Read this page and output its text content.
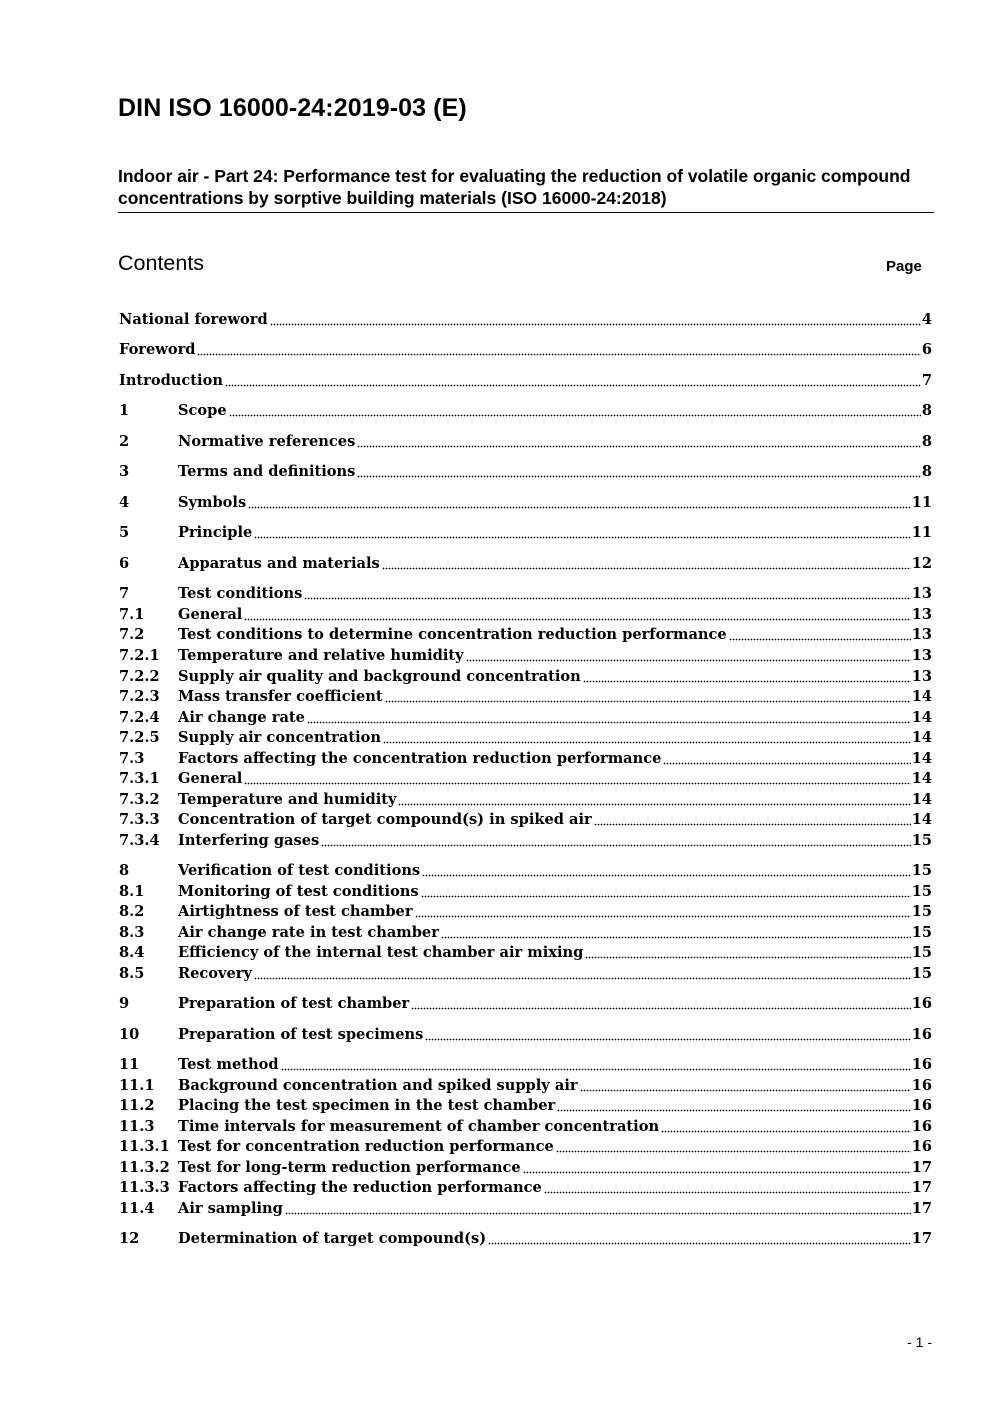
DIN ISO 16000-24:2019-03 (E)
Indoor air - Part 24: Performance test for evaluating the reduction of volatile organic compound concentrations by sorptive building materials (ISO 16000-24:2018)
Contents	Page
National foreword	4
Foreword	6
Introduction	7
1	Scope	8
2	Normative references	8
3	Terms and definitions	8
4	Symbols	11
5	Principle	11
6	Apparatus and materials	12
7	Test conditions	13
7.1	General	13
7.2	Test conditions to determine concentration reduction performance	13
7.2.1	Temperature and relative humidity	13
7.2.2	Supply air quality and background concentration	13
7.2.3	Mass transfer coefficient	14
7.2.4	Air change rate	14
7.2.5	Supply air concentration	14
7.3	Factors affecting the concentration reduction performance	14
7.3.1	General	14
7.3.2	Temperature and humidity	14
7.3.3	Concentration of target compound(s) in spiked air	14
7.3.4	Interfering gases	15
8	Verification of test conditions	15
8.1	Monitoring of test conditions	15
8.2	Airtightness of test chamber	15
8.3	Air change rate in test chamber	15
8.4	Efficiency of the internal test chamber air mixing	15
8.5	Recovery	15
9	Preparation of test chamber	16
10	Preparation of test specimens	16
11	Test method	16
11.1	Background concentration and spiked supply air	16
11.2	Placing the test specimen in the test chamber	16
11.3	Time intervals for measurement of chamber concentration	16
11.3.1 Test for concentration reduction performance	16
11.3.2 Test for long-term reduction performance	17
11.3.3 Factors affecting the reduction performance	17
11.4	Air sampling	17
12	Determination of target compound(s)	17
- 1 -
